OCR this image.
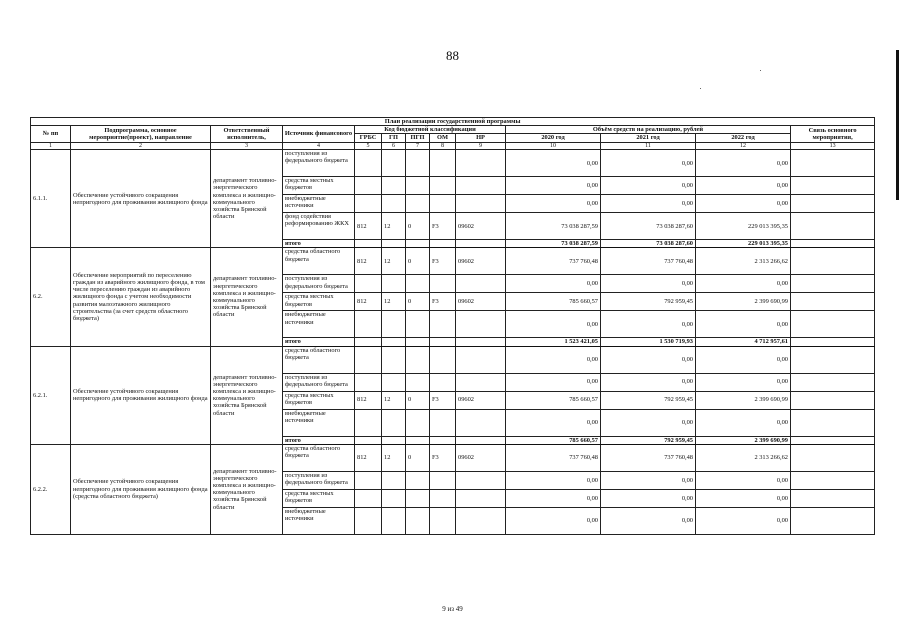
88
План реализации государственной программы												
№ пп	Подпрограмма, основное мероприятие(проект), направление	Ответственный исполнитель,	Источник финансового	Код бюджетной классификации					Объём средств на реализацию, рублей			Связь основного мероприятия,
				ГРБС	ГП	ПГП	ОМ	НР	2020 год	2021 год	2022 год	
1	2	3	4	5	6	7	8	9	10	11	12	13
6.1.1.	Обеспечение устойчивого сокращения непригодного для проживания жилищного фонда	департамент топливно-энергетического комплекса и жилищно-коммунального хозяйства Брянской области	поступления из федерального бюджета						0,00	0,00	0,00	
			средства местных бюджетов						0,00	0,00	0,00	
			внебюджетные источники						0,00	0,00	0,00	
			фонд содействия реформированию ЖКХ	812	12	0	F3	09602	73 038 287,59	73 038 287,60	229 013 395,35	
			итого						73 038 287,59	73 038 287,60	229 013 395,35	
6.2.	Обеспечение мероприятий по переселению граждан из аварийного жилищного фонда, в том числе переселению граждан из аварийного жилищного фонда с учетом необходимости развития малоэтажного жилищного строительства (за счет средств областного бюджета)	департамент топливно-энергетического комплекса и жилищно-коммунального хозяйства Брянской области	средства областного бюджета	812	12	0	F3	09602	737 760,48	737 760,48	2 313 266,62	
			поступления из федерального бюджета						0,00	0,00	0,00	
			средства местных бюджетов	812	12	0	F3	09602	785 660,57	792 959,45	2 399 690,99	
			внебюджетные источники						0,00	0,00	0,00	
			итого						1 523 421,05	1 530 719,93	4 712 957,61	
6.2.1.	Обеспечение устойчивого сокращения непригодного для проживания жилищного фонда	департамент топливно-энергетического комплекса и жилищно-коммунального хозяйства Брянской области	средства областного бюджета						0,00	0,00	0,00	
			поступления из федерального бюджета						0,00	0,00	0,00	
			средства местных бюджетов	812	12	0	F3	09602	785 660,57	792 959,45	2 399 690,99	
			внебюджетные источники						0,00	0,00	0,00	
			итого						785 660,57	792 959,45	2 399 690,99	
6.2.2.	Обеспечение устойчивого сокращения непригодного для проживания жилищного фонда (средства областного бюджета)	департамент топливно-энергетического комплекса и жилищно-коммунального хозяйства Брянской области	средства областного бюджета	812	12	0	F3	09602	737 760,48	737 760,48	2 313 266,62	
			поступления из федерального бюджета						0,00	0,00	0,00	
			средства местных бюджетов						0,00	0,00	0,00	
			внебюджетные источники						0,00	0,00	0,00	
9 из 49
